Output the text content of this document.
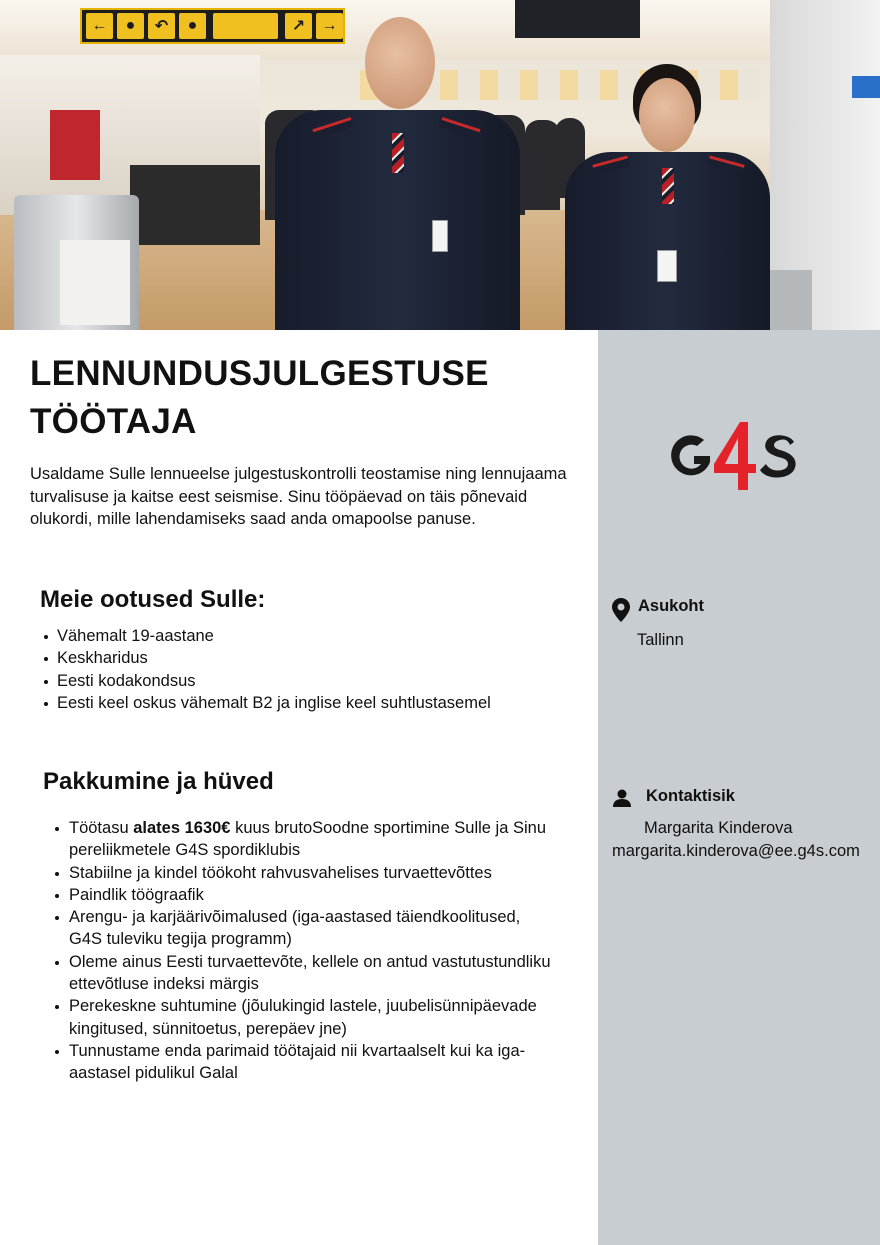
←	●	↶	●	↗	→
LENNUNDUSJULGESTUSE TÖÖTAJA

Usaldame Sulle lennueelse julgestuskontrolli teostamise ning lennujaama turvalisuse ja kaitse eest seismise. Sinu tööpäevad on täis põnevaid olukordi, mille lahendamiseks saad anda omapoolse panuse.

Meie ootused Sulle:
Vähemalt 19-aastane
Keskharidus
Eesti kodakondsus
Eesti keel oskus vähemalt B2 ja inglise keel suhtlustasemel
Pakkumine ja hüved
Töötasu alates 1630€ kuus brutoSoodne sportimine Sulle ja Sinu pereliikmetele G4S spordiklubis
Stabiilne ja kindel töökoht rahvusvahelises turvaettevõttes
Paindlik töögraafik
Arengu- ja karjäärivõimalused (iga-aastased täiendkoolitused, G4S tuleviku tegija programm)
Oleme ainus Eesti turvaettevõte, kellele on antud vastutustundliku ettevõtluse indeksi märgis
Perekeskne suhtumine (jõulukingid lastele, juubelisünnipäevade kingitused, sünnitoetus, perepäev jne)
Tunnustame enda parimaid töötajaid nii kvartaalselt kui ka iga-aastasel pidulikul Galal
Asukoht
Tallinn
Kontaktisik
Margarita Kinderova
margarita.kinderova@ee.g4s.com
